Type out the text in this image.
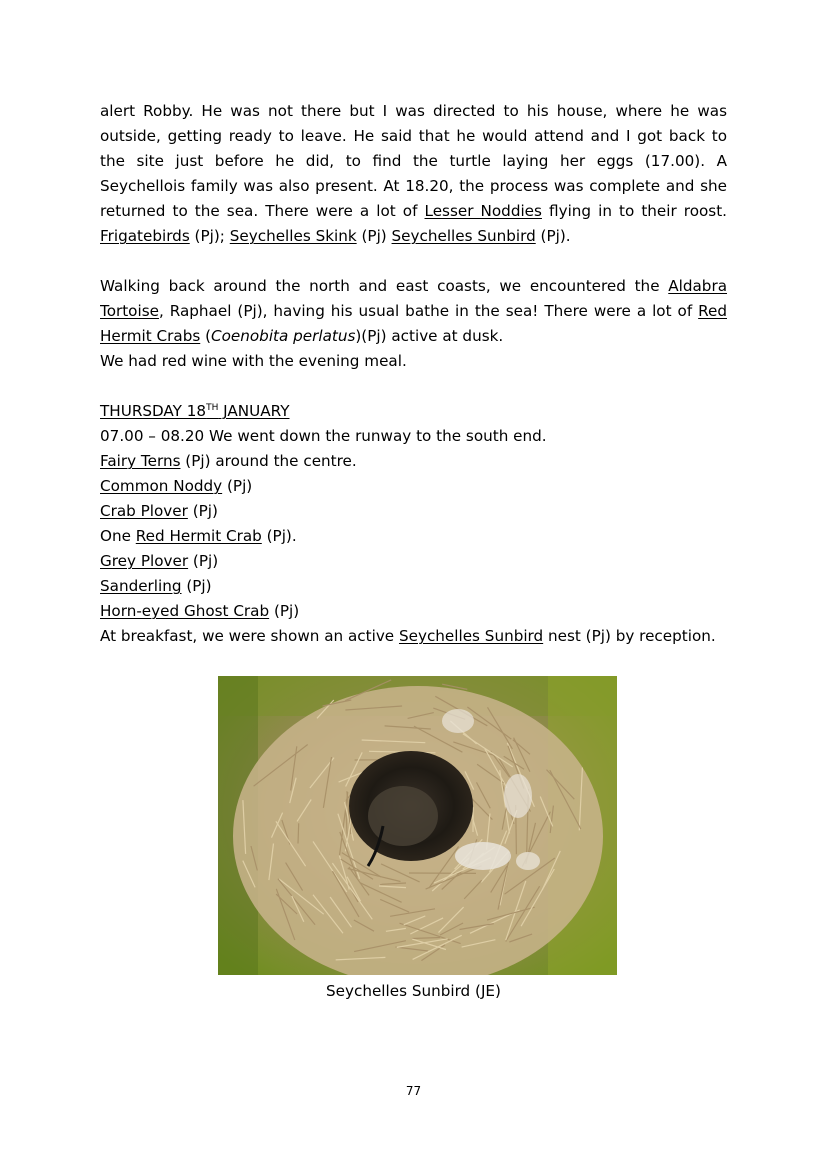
alert Robby. He was not there but I was directed to his house, where he was
outside, getting ready to leave. He said that he would attend and I got back to
the site just before he did, to find the turtle laying her eggs (17.00). A
Seychellois family was also present. At 18.20, the process was complete and she
returned to the sea. There were a lot of Lesser Noddies flying in to their roost.
Frigatebirds (Pj); Seychelles Skink (Pj) Seychelles Sunbird (Pj).
Walking back around the north and east coasts, we encountered the Aldabra
Tortoise, Raphael (Pj), having his usual bathe in the sea! There were a lot of Red
Hermit Crabs (Coenobita perlatus)(Pj) active at dusk.
We had red wine with the evening meal.
THURSDAY 18TH JANUARY
07.00 – 08.20 We went down the runway to the south end.
Fairy Terns (Pj) around the centre.
Common Noddy (Pj)
Crab Plover (Pj)
One Red Hermit Crab (Pj).
Grey Plover (Pj)
Sanderling (Pj)
Horn-eyed Ghost Crab (Pj)
At breakfast, we were shown an active Seychelles Sunbird nest (Pj) by reception.
Seychelles Sunbird (JE)
77
